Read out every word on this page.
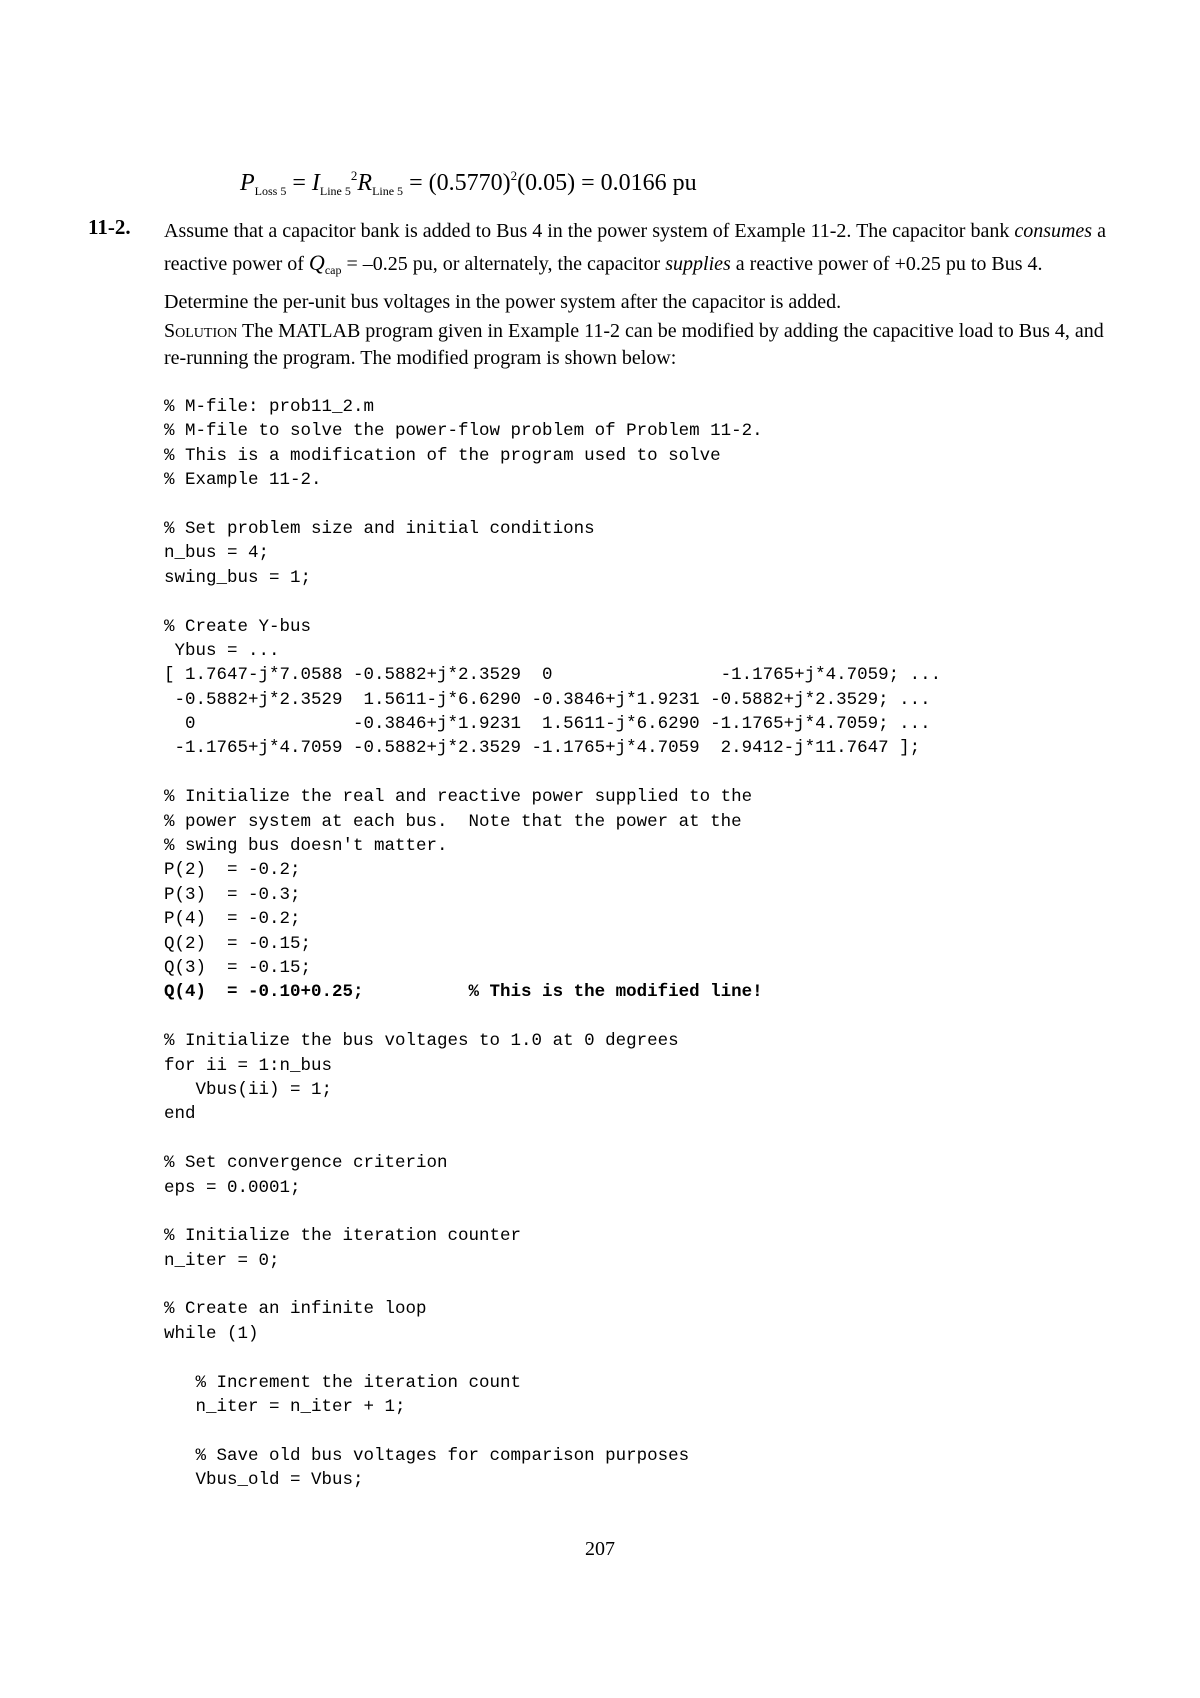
$P_{Loss 5} = I_{Line 5}^2R_{Line 5} = (0.5770)^2(0.05) = 0.0166$ pu
11-2. Assume that a capacitor bank is added to Bus 4 in the power system of Example 11-2. The capacitor bank consumes a reactive power of $Q_{cap} = -0.25$ pu, or alternately, the capacitor supplies a reactive power of +0.25 pu to Bus 4. Determine the per-unit bus voltages in the power system after the capacitor is added.

Solution The MATLAB program given in Example 11-2 can be modified by adding the capacitive load to Bus 4, and re-running the program. The modified program is shown below:

% M-file: prob11_2.m
% M-file to solve the power-flow problem of Problem 11-2.
% This is a modification of the program used to solve
% Example 11-2.
% Set problem size and initial conditions
n_bus = 4;
swing_bus = 1;
% Create Y-bus
Ybus = ...
[ 1.7647-j*7.0588 -0.5882+j*2.3529  0                -1.1765+j*4.7059; ...
-0.5882+j*2.3529  1.5611-j*6.6290 -0.3846+j*1.9231 -0.5882+j*2.3529; ...
0               -0.3846+j*1.9231  1.5611-j*6.6290 -1.1765+j*4.7059; ...
-1.1765+j*4.7059 -0.5882+j*2.3529 -1.1765+j*4.7059  2.9412-j*11.7647 ];
% Initialize the real and reactive power supplied to the
% power system at each bus.  Note that the power at the
% swing bus doesn't matter.
P(2)  = -0.2;
P(3)  = -0.3;
P(4)  = -0.2;
Q(2)  = -0.15;
Q(3)  = -0.15;
Q(4)  = -0.10+0.25;          % This is the modified line!
% Initialize the bus voltages to 1.0 at 0 degrees
for ii = 1:n_bus
Vbus(ii) = 1;
end
% Set convergence criterion
eps = 0.0001;
% Initialize the iteration counter
n_iter = 0;
% Create an infinite loop
while (1)
% Increment the iteration count
n_iter = n_iter + 1;
% Save old bus voltages for comparison purposes
Vbus_old = Vbus;
207
